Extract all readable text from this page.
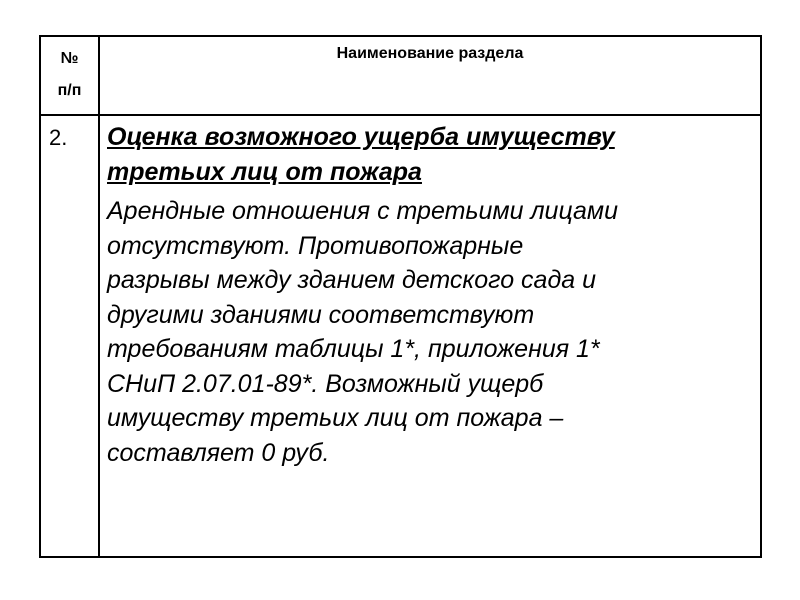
№
п/п
Наименование раздела
2. Оценка возможного ущерба имуществу
третьих лиц от пожара
Арендные отношения с третьими лицами
отсутствуют. Противопожарные
разрывы между зданием детского сада и
другими зданиями соответствуют
требованиям таблицы 1*, приложения 1*
СНиП 2.07.01-89*. Возможный ущерб
имуществу третьих лиц от пожара –
составляет 0 руб.
